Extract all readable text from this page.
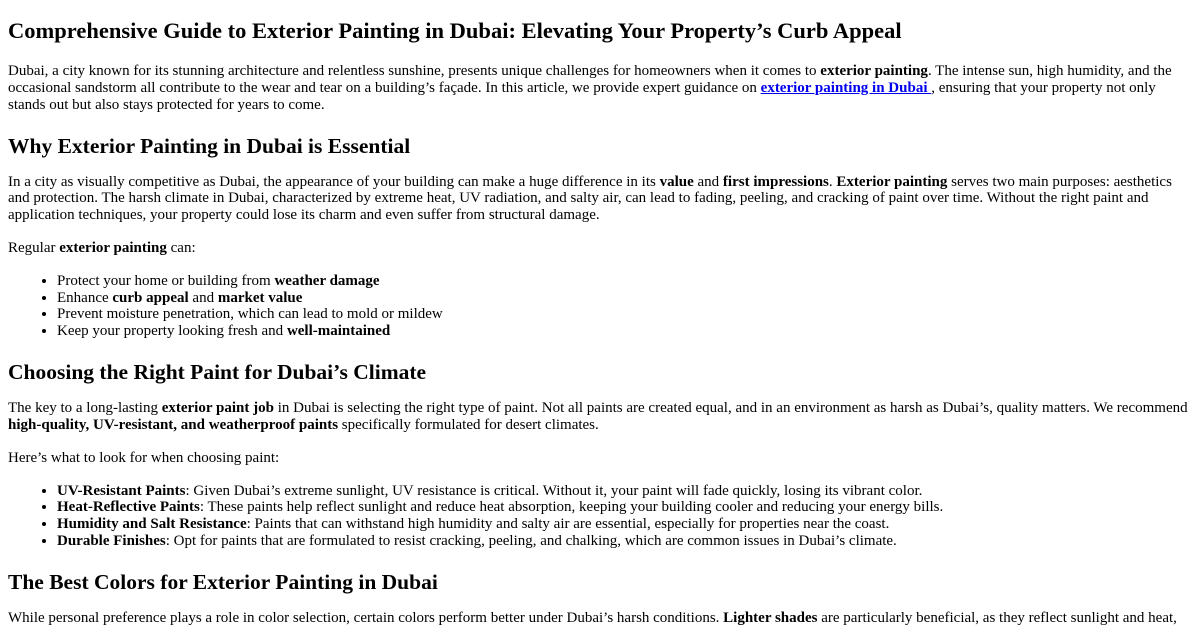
Comprehensive Guide to Exterior Painting in Dubai: Elevating Your Property’s Curb Appeal

Dubai, a city known for its stunning architecture and relentless sunshine, presents unique challenges for homeowners when it comes to exterior painting. The intense sun, high humidity, and the occasional sandstorm all contribute to the wear and tear on a building’s façade. In this article, we provide expert guidance on exterior painting in Dubai , ensuring that your property not only stands out but also stays protected for years to come.

Why Exterior Painting in Dubai is Essential

In a city as visually competitive as Dubai, the appearance of your building can make a huge difference in its value and first impressions. Exterior painting serves two main purposes: aesthetics and protection. The harsh climate in Dubai, characterized by extreme heat, UV radiation, and salty air, can lead to fading, peeling, and cracking of paint over time. Without the right paint and application techniques, your property could lose its charm and even suffer from structural damage.

Regular exterior painting can:

• Protect your home or building from weather damage
• Enhance curb appeal and market value
• Prevent moisture penetration, which can lead to mold or mildew
• Keep your property looking fresh and well-maintained
Choosing the Right Paint for Dubai’s Climate

The key to a long-lasting exterior paint job in Dubai is selecting the right type of paint. Not all paints are created equal, and in an environment as harsh as Dubai’s, quality matters. We recommend high-quality, UV-resistant, and weatherproof paints specifically formulated for desert climates.

Here’s what to look for when choosing paint:

• UV-Resistant Paints: Given Dubai’s extreme sunlight, UV resistance is critical. Without it, your paint will fade quickly, losing its vibrant color.
• Heat-Reflective Paints: These paints help reflect sunlight and reduce heat absorption, keeping your building cooler and reducing your energy bills.
• Humidity and Salt Resistance: Paints that can withstand high humidity and salty air are essential, especially for properties near the coast.
• Durable Finishes: Opt for paints that are formulated to resist cracking, peeling, and chalking, which are common issues in Dubai’s climate.
The Best Colors for Exterior Painting in Dubai

While personal preference plays a role in color selection, certain colors perform better under Dubai’s harsh conditions. Lighter shades are particularly beneficial, as they reflect sunlight and heat,
